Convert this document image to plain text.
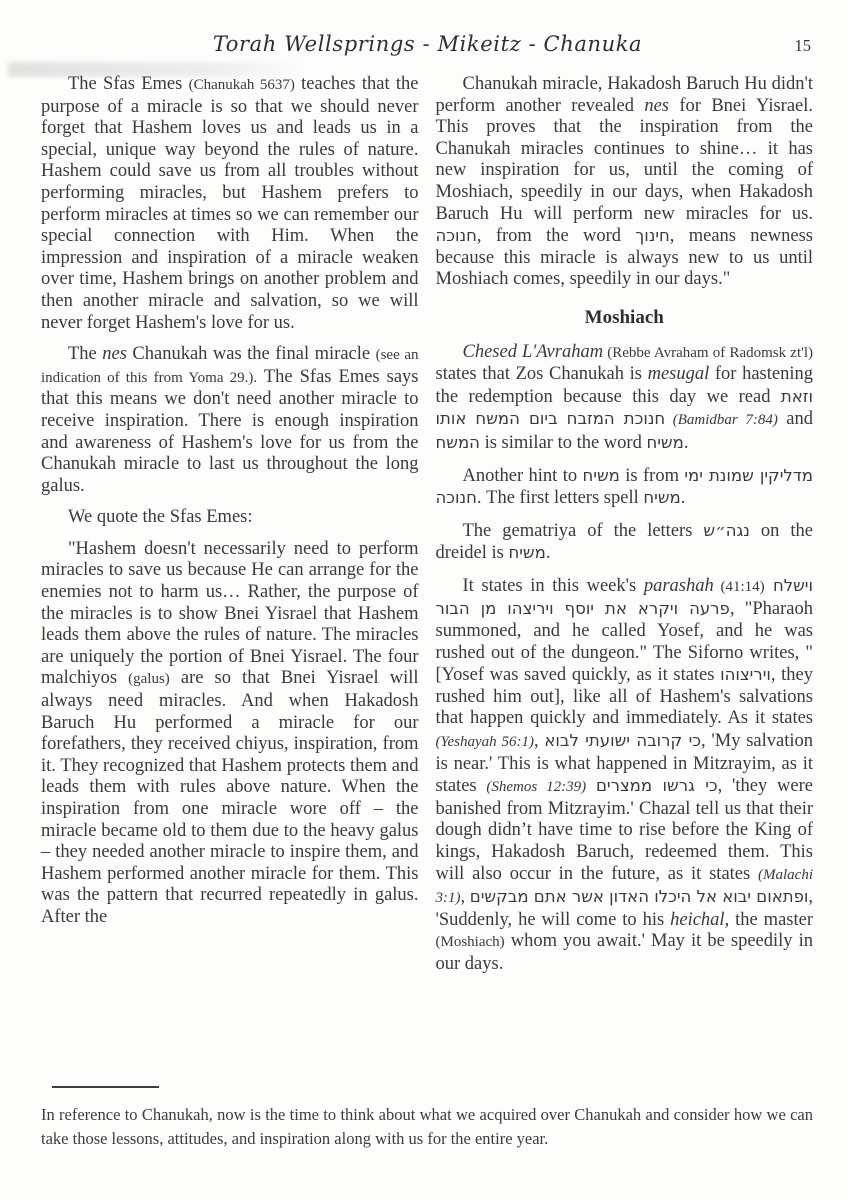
Torah Wellsprings - Mikeitz - Chanuka	15

The Sfas Emes (Chanukah 5637) teaches that the purpose of a miracle is so that we should never forget that Hashem loves us and leads us in a special, unique way beyond the rules of nature. Hashem could save us from all troubles without performing miracles, but Hashem prefers to perform miracles at times so we can remember our special connection with Him. When the impression and inspiration of a miracle weaken over time, Hashem brings on another problem and then another miracle and salvation, so we will never forget Hashem's love for us.

The nes Chanukah was the final miracle (see an indication of this from Yoma 29.). The Sfas Emes says that this means we don't need another miracle to receive inspiration. There is enough inspiration and awareness of Hashem's love for us from the Chanukah miracle to last us throughout the long galus.

We quote the Sfas Emes:

"Hashem doesn't necessarily need to perform miracles to save us because He can arrange for the enemies not to harm us… Rather, the purpose of the miracles is to show Bnei Yisrael that Hashem leads them above the rules of nature. The miracles are uniquely the portion of Bnei Yisrael. The four malchiyos (galus) are so that Bnei Yisrael will always need miracles. And when Hakadosh Baruch Hu performed a miracle for our forefathers, they received chiyus, inspiration, from it. They recognized that Hashem protects them and leads them with rules above nature. When the inspiration from one miracle wore off – the miracle became old to them due to the heavy galus – they needed another miracle to inspire them, and Hashem performed another miracle for them. This was the pattern that recurred repeatedly in galus. After the

Chanukah miracle, Hakadosh Baruch Hu didn't perform another revealed nes for Bnei Yisrael. This proves that the inspiration from the Chanukah miracles continues to shine… it has new inspiration for us, until the coming of Moshiach, speedily in our days, when Hakadosh Baruch Hu will perform new miracles for us. חנוכה, from the word חינוך, means newness because this miracle is always new to us until Moshiach comes, speedily in our days."

Moshiach

Chesed L'Avraham (Rebbe Avraham of Radomsk zt'l) states that Zos Chanukah is mesugal for hastening the redemption because this day we read וזאת חנוכת המזבח ביום המשח אותו (Bamidbar 7:84) and המשח is similar to the word משיח.

Another hint to משיח is from מדליקין שמונת ימי חנוכה. The first letters spell משיח.

The gematriya of the letters נגה״ש on the dreidel is משיח.

It states in this week's parashah (41:14) וישלח פרעה ויקרא את יוסף ויריצהו מן הבור, "Pharaoh summoned, and he called Yosef, and he was rushed out of the dungeon." The Siforno writes, "[Yosef was saved quickly, as it states ויריצוהו, they rushed him out], like all of Hashem's salvations that happen quickly and immediately. As it states (Yeshayah 56:1), כי קרובה ישועתי לבוא, 'My salvation is near.' This is what happened in Mitzrayim, as it states (Shemos 12:39) כי גרשו ממצרים, 'they were banished from Mitzrayim.' Chazal tell us that their dough didn’t have time to rise before the King of kings, Hakadosh Baruch, redeemed them. This will also occur in the future, as it states (Malachi 3:1), ופתאום יבוא אל היכלו האדון אשר אתם מבקשים, 'Suddenly, he will come to his heichal, the master (Moshiach) whom you await.' May it be speedily in our days.

In reference to Chanukah, now is the time to think about what we acquired over Chanukah and consider how we can take those lessons, attitudes, and inspiration along with us for the entire year.
